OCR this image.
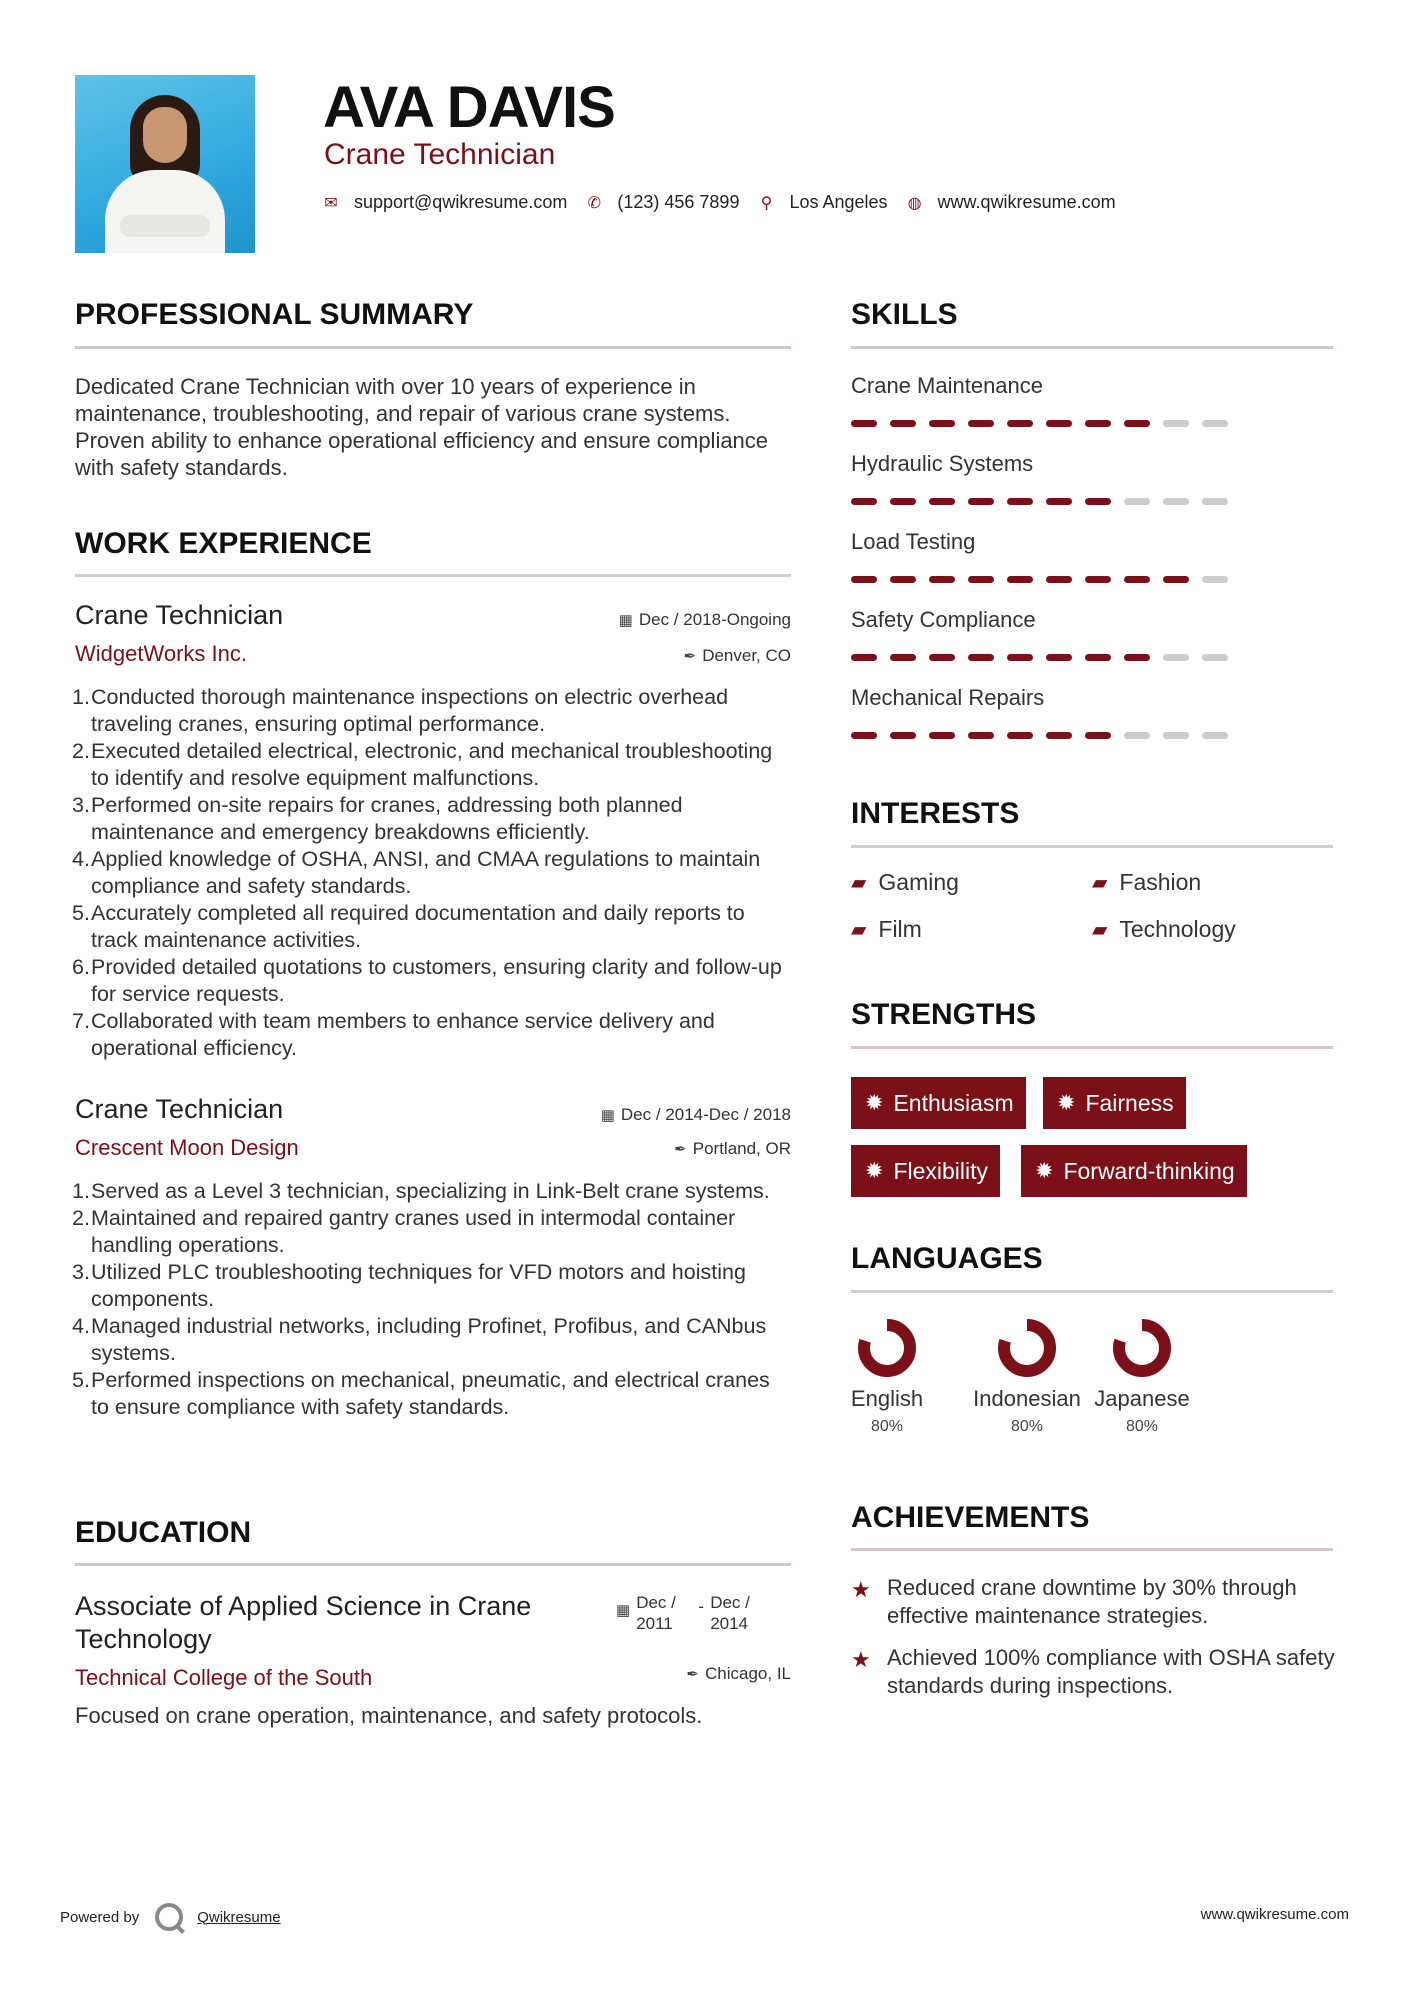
AVA DAVIS
Crane Technician
✉ support@qwikresume.com ✆ (123) 456 7899 ⚲ Los Angeles ◍ www.qwikresume.com
PROFESSIONAL SUMMARY
Dedicated Crane Technician with over 10 years of experience in maintenance, troubleshooting, and repair of various crane systems. Proven ability to enhance operational efficiency and ensure compliance with safety standards.
WORK EXPERIENCE
Crane Technician	▦ Dec / 2018-Ongoing
WidgetWorks Inc.	✒ Denver, CO
1. Conducted thorough maintenance inspections on electric overhead traveling cranes, ensuring optimal performance.
2. Executed detailed electrical, electronic, and mechanical troubleshooting to identify and resolve equipment malfunctions.
3. Performed on-site repairs for cranes, addressing both planned maintenance and emergency breakdowns efficiently.
4. Applied knowledge of OSHA, ANSI, and CMAA regulations to maintain compliance and safety standards.
5. Accurately completed all required documentation and daily reports to track maintenance activities.
6. Provided detailed quotations to customers, ensuring clarity and follow-up for service requests.
7. Collaborated with team members to enhance service delivery and operational efficiency.
Crane Technician	▦ Dec / 2014-Dec / 2018
Crescent Moon Design	✒ Portland, OR
1. Served as a Level 3 technician, specializing in Link-Belt crane systems.
2. Maintained and repaired gantry cranes used in intermodal container handling operations.
3. Utilized PLC troubleshooting techniques for VFD motors and hoisting components.
4. Managed industrial networks, including Profinet, Profibus, and CANbus systems.
5. Performed inspections on mechanical, pneumatic, and electrical cranes to ensure compliance with safety standards.
EDUCATION
Associate of Applied Science in Crane Technology
▦ Dec / 2011
- Dec / 2014
Technical College of the South	✒ Chicago, IL
Focused on crane operation, maintenance, and safety protocols.
SKILLS
Crane Maintenance
Hydraulic Systems
Load Testing
Safety Compliance
Mechanical Repairs
INTERESTS
▰ Gaming	▰ Fashion
▰ Film	▰ Technology
STRENGTHS
✹ Enthusiasm ✹ Fairness
✹ Flexibility ✹ Forward-thinking
LANGUAGES
English
80%
Indonesian
80%
Japanese
80%
ACHIEVEMENTS
★ Reduced crane downtime by 30% through effective maintenance strategies.
★ Achieved 100% compliance with OSHA safety standards during inspections.
Powered by	Qwikresume	www.qwikresume.com
